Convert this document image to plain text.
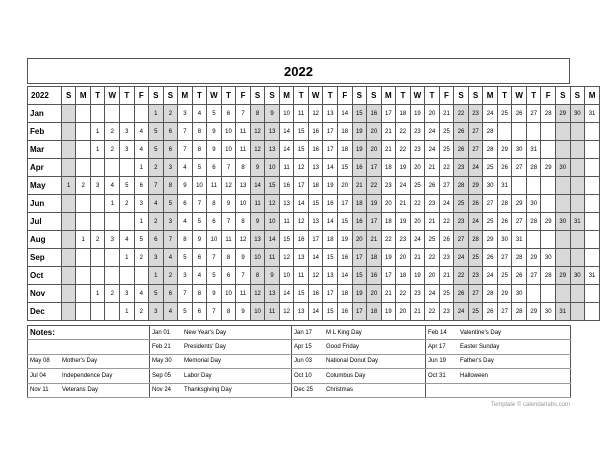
2022
2022	S	M	T	W	T	F	S	S	M	T	W	T	F	S	S	M	T	W	T	F	S	S	M	T	W	T	F	S	S	M	T	W	T	F	S	S	M
Jan							1	2	3	4	5	6	7	8	9	10	11	12	13	14	15	16	17	18	19	20	21	22	23	24	25	26	27	28	29	30	31
Feb			1	2	3	4	5	6	7	8	9	10	11	12	13	14	15	16	17	18	19	20	21	22	23	24	25	26	27	28							
Mar			1	2	3	4	5	6	7	8	9	10	11	12	13	14	15	16	17	18	19	20	21	22	23	24	25	26	27	28	29	30	31				
Apr						1	2	3	4	5	6	7	8	9	10	11	12	13	14	15	16	17	18	19	20	21	22	23	24	25	26	27	28	29	30		
May	1	2	3	4	5	6	7	8	9	10	11	12	13	14	15	16	17	18	19	20	21	22	23	24	25	26	27	28	29	30	31						
Jun				1	2	3	4	5	6	7	8	9	10	11	12	13	14	15	16	17	18	19	20	21	22	23	24	25	26	27	28	29	30				
Jul						1	2	3	4	5	6	7	8	9	10	11	12	13	14	15	16	17	18	19	20	21	22	23	24	25	26	27	28	29	30	31	
Aug		1	2	3	4	5	6	7	8	9	10	11	12	13	14	15	16	17	18	19	20	21	22	23	24	25	26	27	28	29	30	31					
Sep					1	2	3	4	5	6	7	8	9	10	11	12	13	14	15	16	17	18	19	20	21	22	23	24	25	26	27	28	29	30			
Oct							1	2	3	4	5	6	7	8	9	10	11	12	13	14	15	16	17	18	19	20	21	22	23	24	25	26	27	28	29	30	31
Nov			1	2	3	4	5	6	7	8	9	10	11	12	13	14	15	16	17	18	19	20	21	22	23	24	25	26	27	28	29	30					
Dec					1	2	3	4	5	6	7	8	9	10	11	12	13	14	15	16	17	18	19	20	21	22	23	24	25	26	27	28	29	30	31		
Notes:	Jan 01 New Year's Day	Jan 17 M L King Day	Feb 14 Valentine's Day
	Feb 21 Presidents' Day	Apr 15 Good Friday	Apr 17 Easter Sunday
May 08 Mother's Day	May 30 Memorial Day	Jun 03 National Donut Day	Jun 19 Father's Day
Jul 04 Independence Day	Sep 05 Labor Day	Oct 10 Columbus Day	Oct 31 Halloween
Nov 11 Veterans Day	Nov 24 Thanksgiving Day	Dec 25 Christmas	
Template © calendarlabs.com
